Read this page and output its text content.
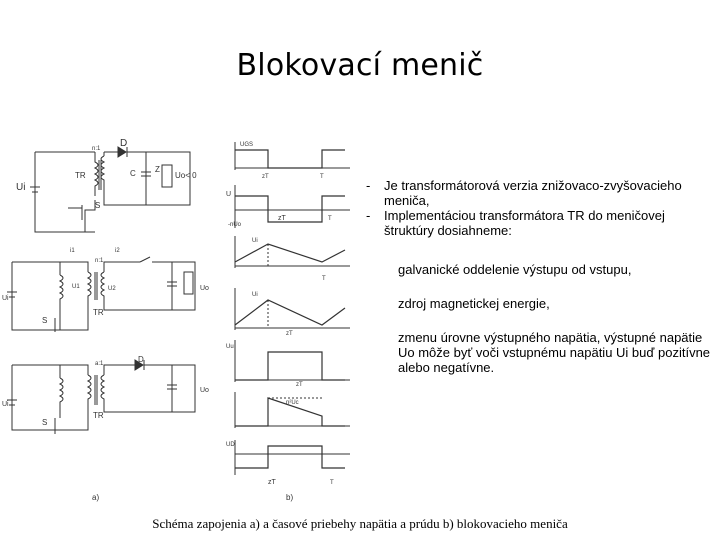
Blokovací menič
D
TR
S
Ui
C Z
Uo< 0
n:1
n:1
a:1
U1	U2	Uo
Uo
Ui
Ui
S
S
TR
TR
i1	i2
D
UGS
U
-nUo
zT
zT
zT
zT
zT
T
T
T
T
Ui
Ui
Uu
n²Uc
UD
a)	b)
- Je transformátorová verzia znižovaco-zvyšovacieho meniča,
- Implementáciou transformátora TR do meničovej štruktúry dosiahneme:
galvanické oddelenie výstupu od vstupu,
zdroj magnetickej energie,
zmenu úrovne výstupného napätia, výstupné napätie Uo môže byť voči vstupnému napätiu Ui buď pozitívne alebo negatívne.
Schéma zapojenia a) a časové priebehy napätia a prúdu b) blokovacieho meniča
